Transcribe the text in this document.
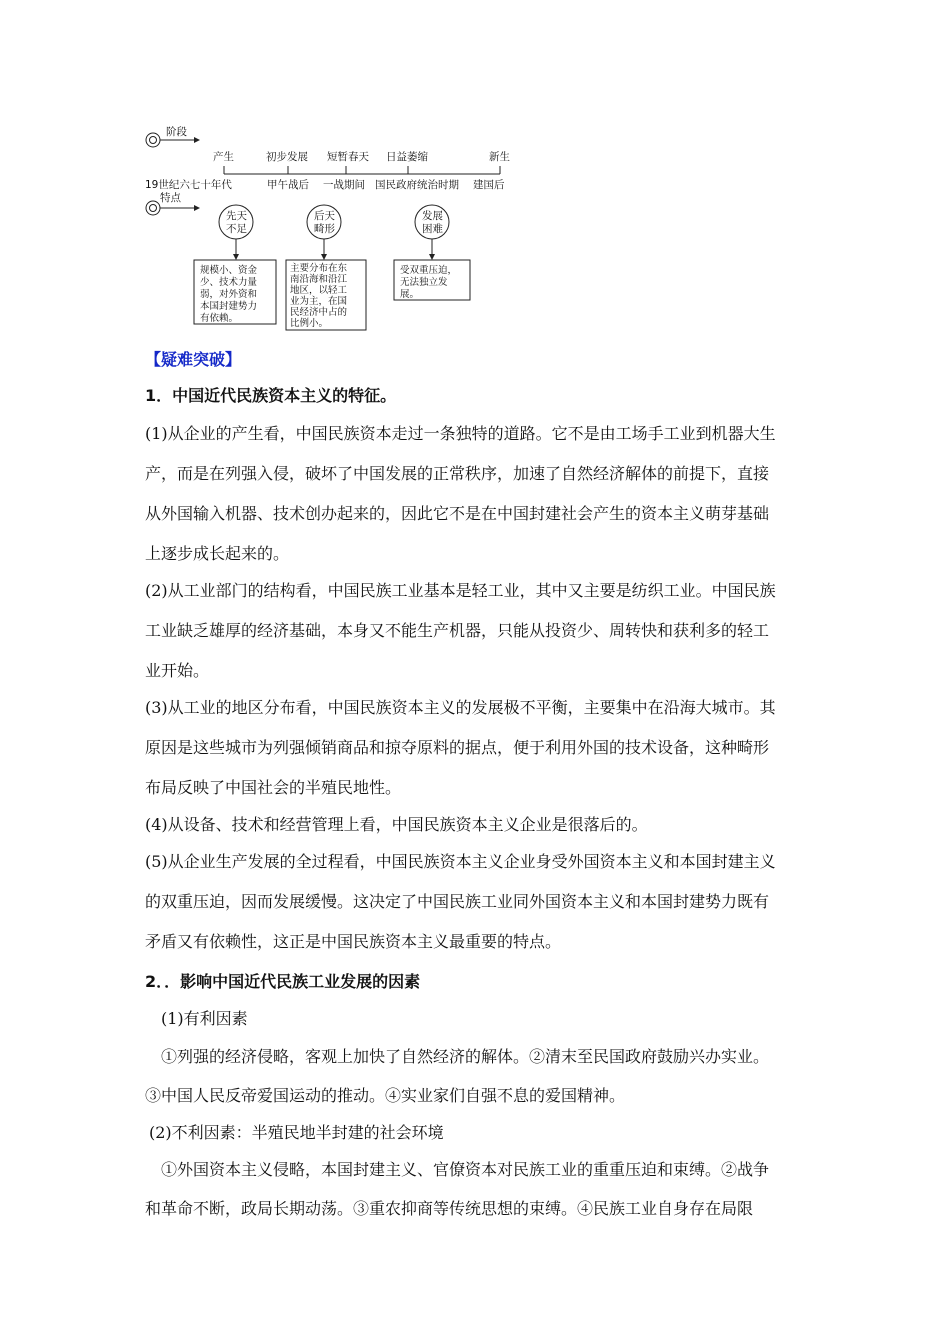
阶段
产生	初步发展 短暂春天 日益萎缩	新生
19世纪六七十年代	甲午战后 一战期间 国民政府统治时期 建国后
特点
先天
不足
后天
畸形
发展
困难
规模小、资金
少、技术力量
弱，对外资和
本国封建势力
有依赖。
主要分布在东
南沿海和沿江
地区，以轻工
业为主，在国
民经济中占的
比例小。
受双重压迫，
无法独立发
展。
【疑难突破】
1．中国近代民族资本主义的特征。
(1)从企业的产生看，中国民族资本走过一条独特的道路。它不是由工场手工业到机器大生
产，而是在列强入侵，破坏了中国发展的正常秩序，加速了自然经济解体的前提下，直接
从外国输入机器、技术创办起来的，因此它不是在中国封建社会产生的资本主义萌芽基础
上逐步成长起来的。
(2)从工业部门的结构看，中国民族工业基本是轻工业，其中又主要是纺织工业。中国民族
工业缺乏雄厚的经济基础，本身又不能生产机器，只能从投资少、周转快和获利多的轻工
业开始。
(3)从工业的地区分布看，中国民族资本主义的发展极不平衡，主要集中在沿海大城市。其
原因是这些城市为列强倾销商品和掠夺原料的据点，便于利用外国的技术设备，这种畸形
布局反映了中国社会的半殖民地性。
(4)从设备、技术和经营管理上看，中国民族资本主义企业是很落后的。
(5)从企业生产发展的全过程看，中国民族资本主义企业身受外国资本主义和本国封建主义
的双重压迫，因而发展缓慢。这决定了中国民族工业同外国资本主义和本国封建势力既有
矛盾又有依赖性，这正是中国民族资本主义最重要的特点。
2．．影响中国近代民族工业发展的因素
(1)有利因素
①列强的经济侵略，客观上加快了自然经济的解体。②清末至民国政府鼓励兴办实业。
③中国人民反帝爱国运动的推动。④实业家们自强不息的爱国精神。
(2)不利因素：半殖民地半封建的社会环境
①外国资本主义侵略，本国封建主义、官僚资本对民族工业的重重压迫和束缚。②战争
和革命不断，政局长期动荡。③重农抑商等传统思想的束缚。④民族工业自身存在局限
